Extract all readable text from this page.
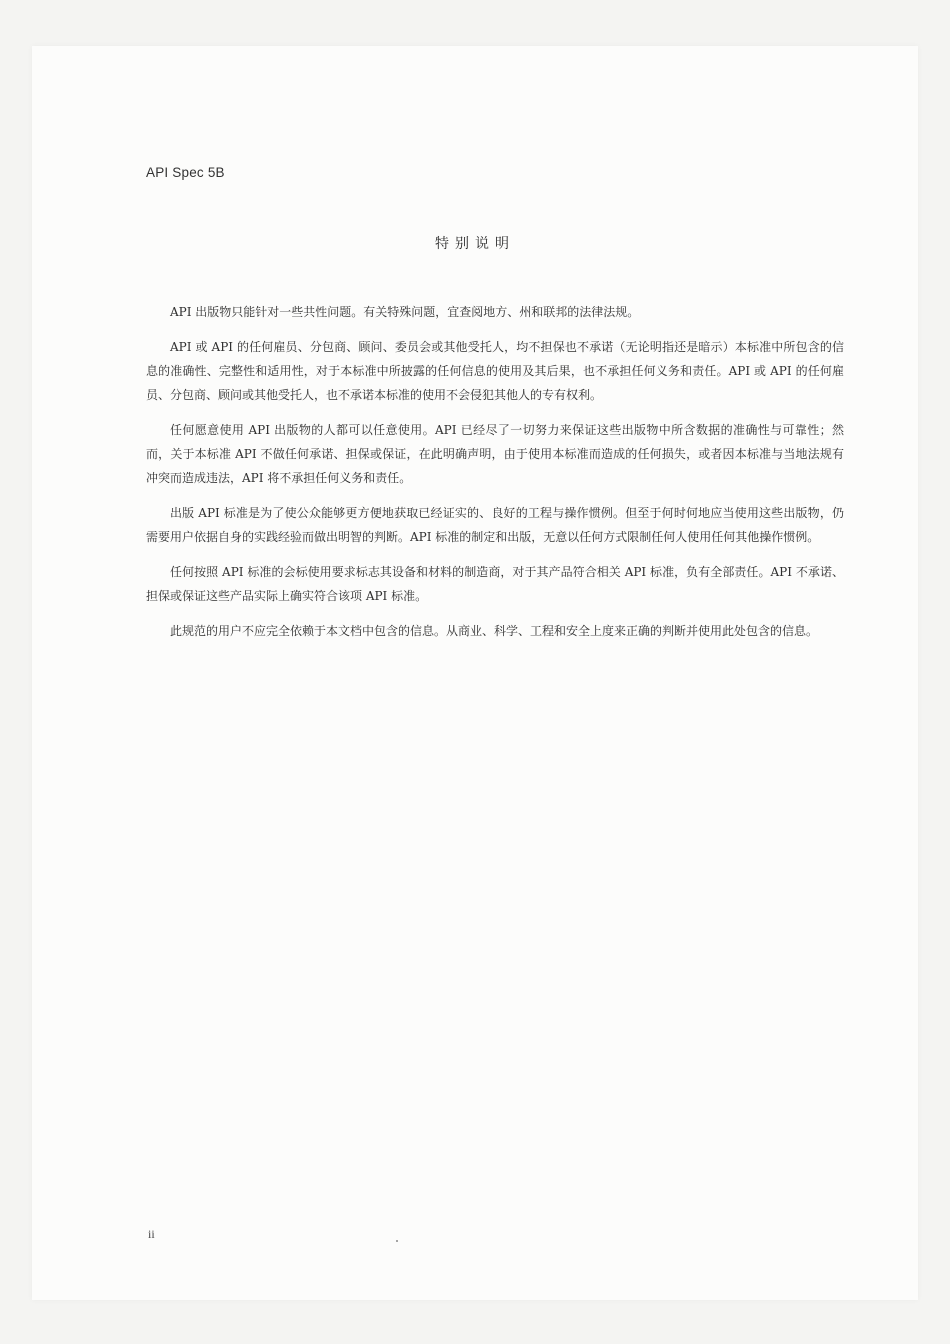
API Spec 5B
特别说明

API 出版物只能针对一些共性问题。有关特殊问题，宜查阅地方、州和联邦的法律法规。

API 或 API 的任何雇员、分包商、顾问、委员会或其他受托人，均不担保也不承诺（无论明指还是暗示）本标准中所包含的信息的准确性、完整性和适用性，对于本标准中所披露的任何信息的使用及其后果，也不承担任何义务和责任。API 或 API 的任何雇员、分包商、顾问或其他受托人，也不承诺本标准的使用不会侵犯其他人的专有权利。

任何愿意使用 API 出版物的人都可以任意使用。API 已经尽了一切努力来保证这些出版物中所含数据的准确性与可靠性；然而，关于本标准 API 不做任何承诺、担保或保证，在此明确声明，由于使用本标准而造成的任何损失，或者因本标准与当地法规有冲突而造成违法，API 将不承担任何义务和责任。

出版 API 标准是为了使公众能够更方便地获取已经证实的、良好的工程与操作惯例。但至于何时何地应当使用这些出版物，仍需要用户依据自身的实践经验而做出明智的判断。API 标准的制定和出版，无意以任何方式限制任何人使用任何其他操作惯例。

任何按照 API 标准的会标使用要求标志其设备和材料的制造商，对于其产品符合相关 API 标准，负有全部责任。API 不承诺、担保或保证这些产品实际上确实符合该项 API 标准。

此规范的用户不应完全依赖于本文档中包含的信息。从商业、科学、工程和安全上度来正确的判断并使用此处包含的信息。

ii
